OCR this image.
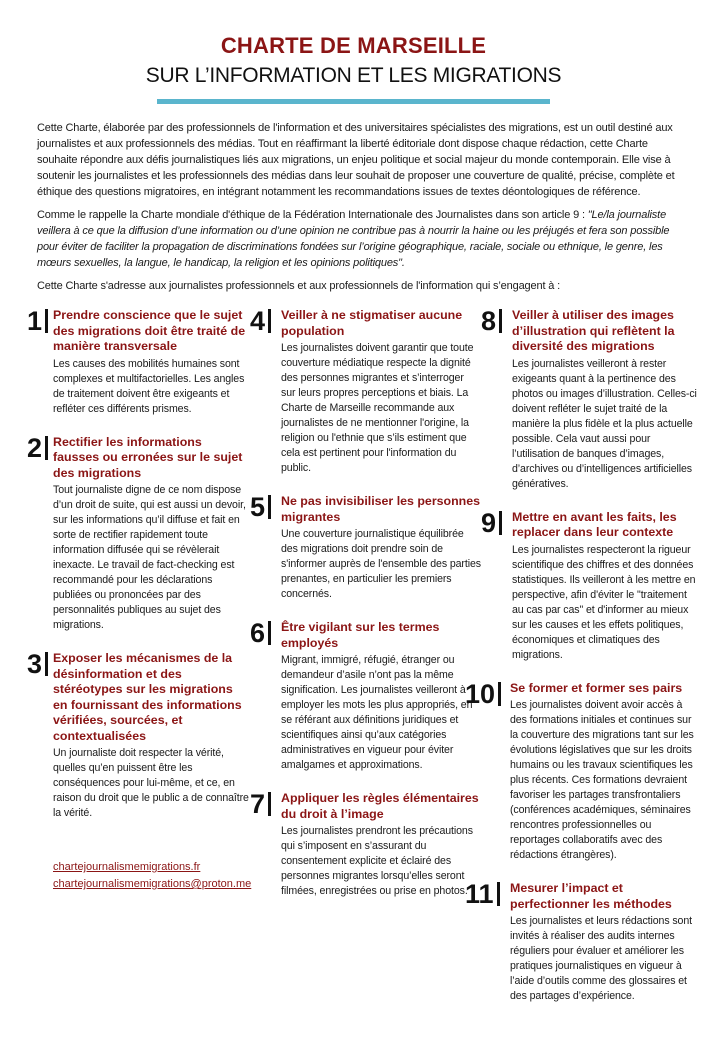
CHARTE DE MARSEILLE
SUR L’INFORMATION ET LES MIGRATIONS

Cette Charte, élaborée par des professionnels de l'information et des universitaires spécialistes des migrations, est un outil destiné aux journalistes et aux professionnels des médias. Tout en réaffirmant la liberté éditoriale dont dispose chaque rédaction, cette Charte souhaite répondre aux défis journalistiques liés aux migrations, un enjeu politique et social majeur du monde contemporain. Elle vise à soutenir les journalistes et les professionnels des médias dans leur souhait de proposer une couverture de qualité, précise, complète et éthique des questions migratoires, en intégrant notamment les recommandations issues de textes déontologiques de référence.

Comme le rappelle la Charte mondiale d'éthique de la Fédération Internationale des Journalistes dans son article 9 : "Le/la journaliste veillera à ce que la diffusion d’une information ou d’une opinion ne contribue pas à nourrir la haine ou les préjugés et fera son possible pour éviter de faciliter la propagation de discriminations fondées sur l’origine géographique, raciale, sociale ou ethnique, le genre, les mœurs sexuelles, la langue, le handicap, la religion et les opinions politiques".

Cette Charte s'adresse aux journalistes professionnels et aux professionnels de l'information qui s’engagent à :

1 Prendre conscience que le sujet des migrations doit être traité de manière transversale

Les causes des mobilités humaines sont complexes et multifactorielles. Les angles de traitement doivent être exigeants et refléter ces différents prismes.

2 Rectifier les informations fausses ou erronées sur le sujet des migrations

Tout journaliste digne de ce nom dispose d’un droit de suite, qui est aussi un devoir, sur les informations qu’il diffuse et fait en sorte de rectifier rapidement toute information diffusée qui se révèlerait inexacte. Le travail de fact-checking est recommandé pour les déclarations publiées ou prononcées par des personnalités publiques au sujet des migrations.

3 Exposer les mécanismes de la désinformation et des stéréotypes sur les migrations en fournissant des informations vérifiées, sourcées, et contextualisées

Un journaliste doit respecter la vérité, quelles qu’en puissent être les conséquences pour lui-même, et ce, en raison du droit que le public a de connaître la vérité.

chartejournalismemigrations.fr
chartejournalismemigrations@proton.me
4	Veiller à ne stigmatiser aucune population

Les journalistes doivent garantir que toute couverture médiatique respecte la dignité des personnes migrantes et s’interroger sur leurs propres perceptions et biais. La Charte de Marseille recommande aux journalistes de ne mentionner l'origine, la religion ou l'ethnie que s’ils estiment que cela est pertinent pour l'information du public.

5	Ne pas invisibiliser les personnes migrantes

Une couverture journalistique équilibrée des migrations doit prendre soin de s'informer auprès de l'ensemble des parties prenantes, en particulier les premiers concernés.

6	Être vigilant sur les termes employés

Migrant, immigré, réfugié, étranger ou demandeur d’asile n’ont pas la même signification. Les journalistes veilleront à employer les mots les plus appropriés, en se référant aux définitions juridiques et scientifiques ainsi qu’aux catégories administratives en vigueur pour éviter amalgames et approximations.

7	Appliquer les règles élémentaires du droit à l’image

Les journalistes prendront les précautions qui s’imposent en s’assurant du consentement explicite et éclairé des personnes migrantes lorsqu’elles seront filmées, enregistrées ou prise en photos.

8	Veiller à utiliser des images d’illustration qui reflètent la diversité des migrations

Les journalistes veilleront à rester exigeants quant à la pertinence des photos ou images d’illustration. Celles-ci doivent refléter le sujet traité de la manière la plus fidèle et la plus actuelle possible. Cela vaut aussi pour l’utilisation de banques d’images, d’archives ou d’intelligences artificielles génératives.

9	Mettre en avant les faits, les replacer dans leur contexte

Les journalistes respecteront la rigueur scientifique des chiffres et des données statistiques. Ils veilleront à les mettre en perspective, afin d'éviter le "traitement au cas par cas" et d'informer au mieux sur les causes et les effets politiques, économiques et climatiques des migrations.

10	Se former et former ses pairs

Les journalistes doivent avoir accès à des formations initiales et continues sur la couverture des migrations tant sur les évolutions législatives que sur les droits humains ou les travaux scientifiques les plus récents. Ces formations devraient favoriser les partages transfrontaliers (conférences académiques, séminaires rencontres professionnelles ou reportages collaboratifs avec des rédactions étrangères).

11	Mesurer l’impact et perfectionner les méthodes

Les journalistes et leurs rédactions sont invités à réaliser des audits internes réguliers pour évaluer et améliorer les pratiques journalistiques en vigueur à l’aide d’outils comme des glossaires et des partages d’expérience.
